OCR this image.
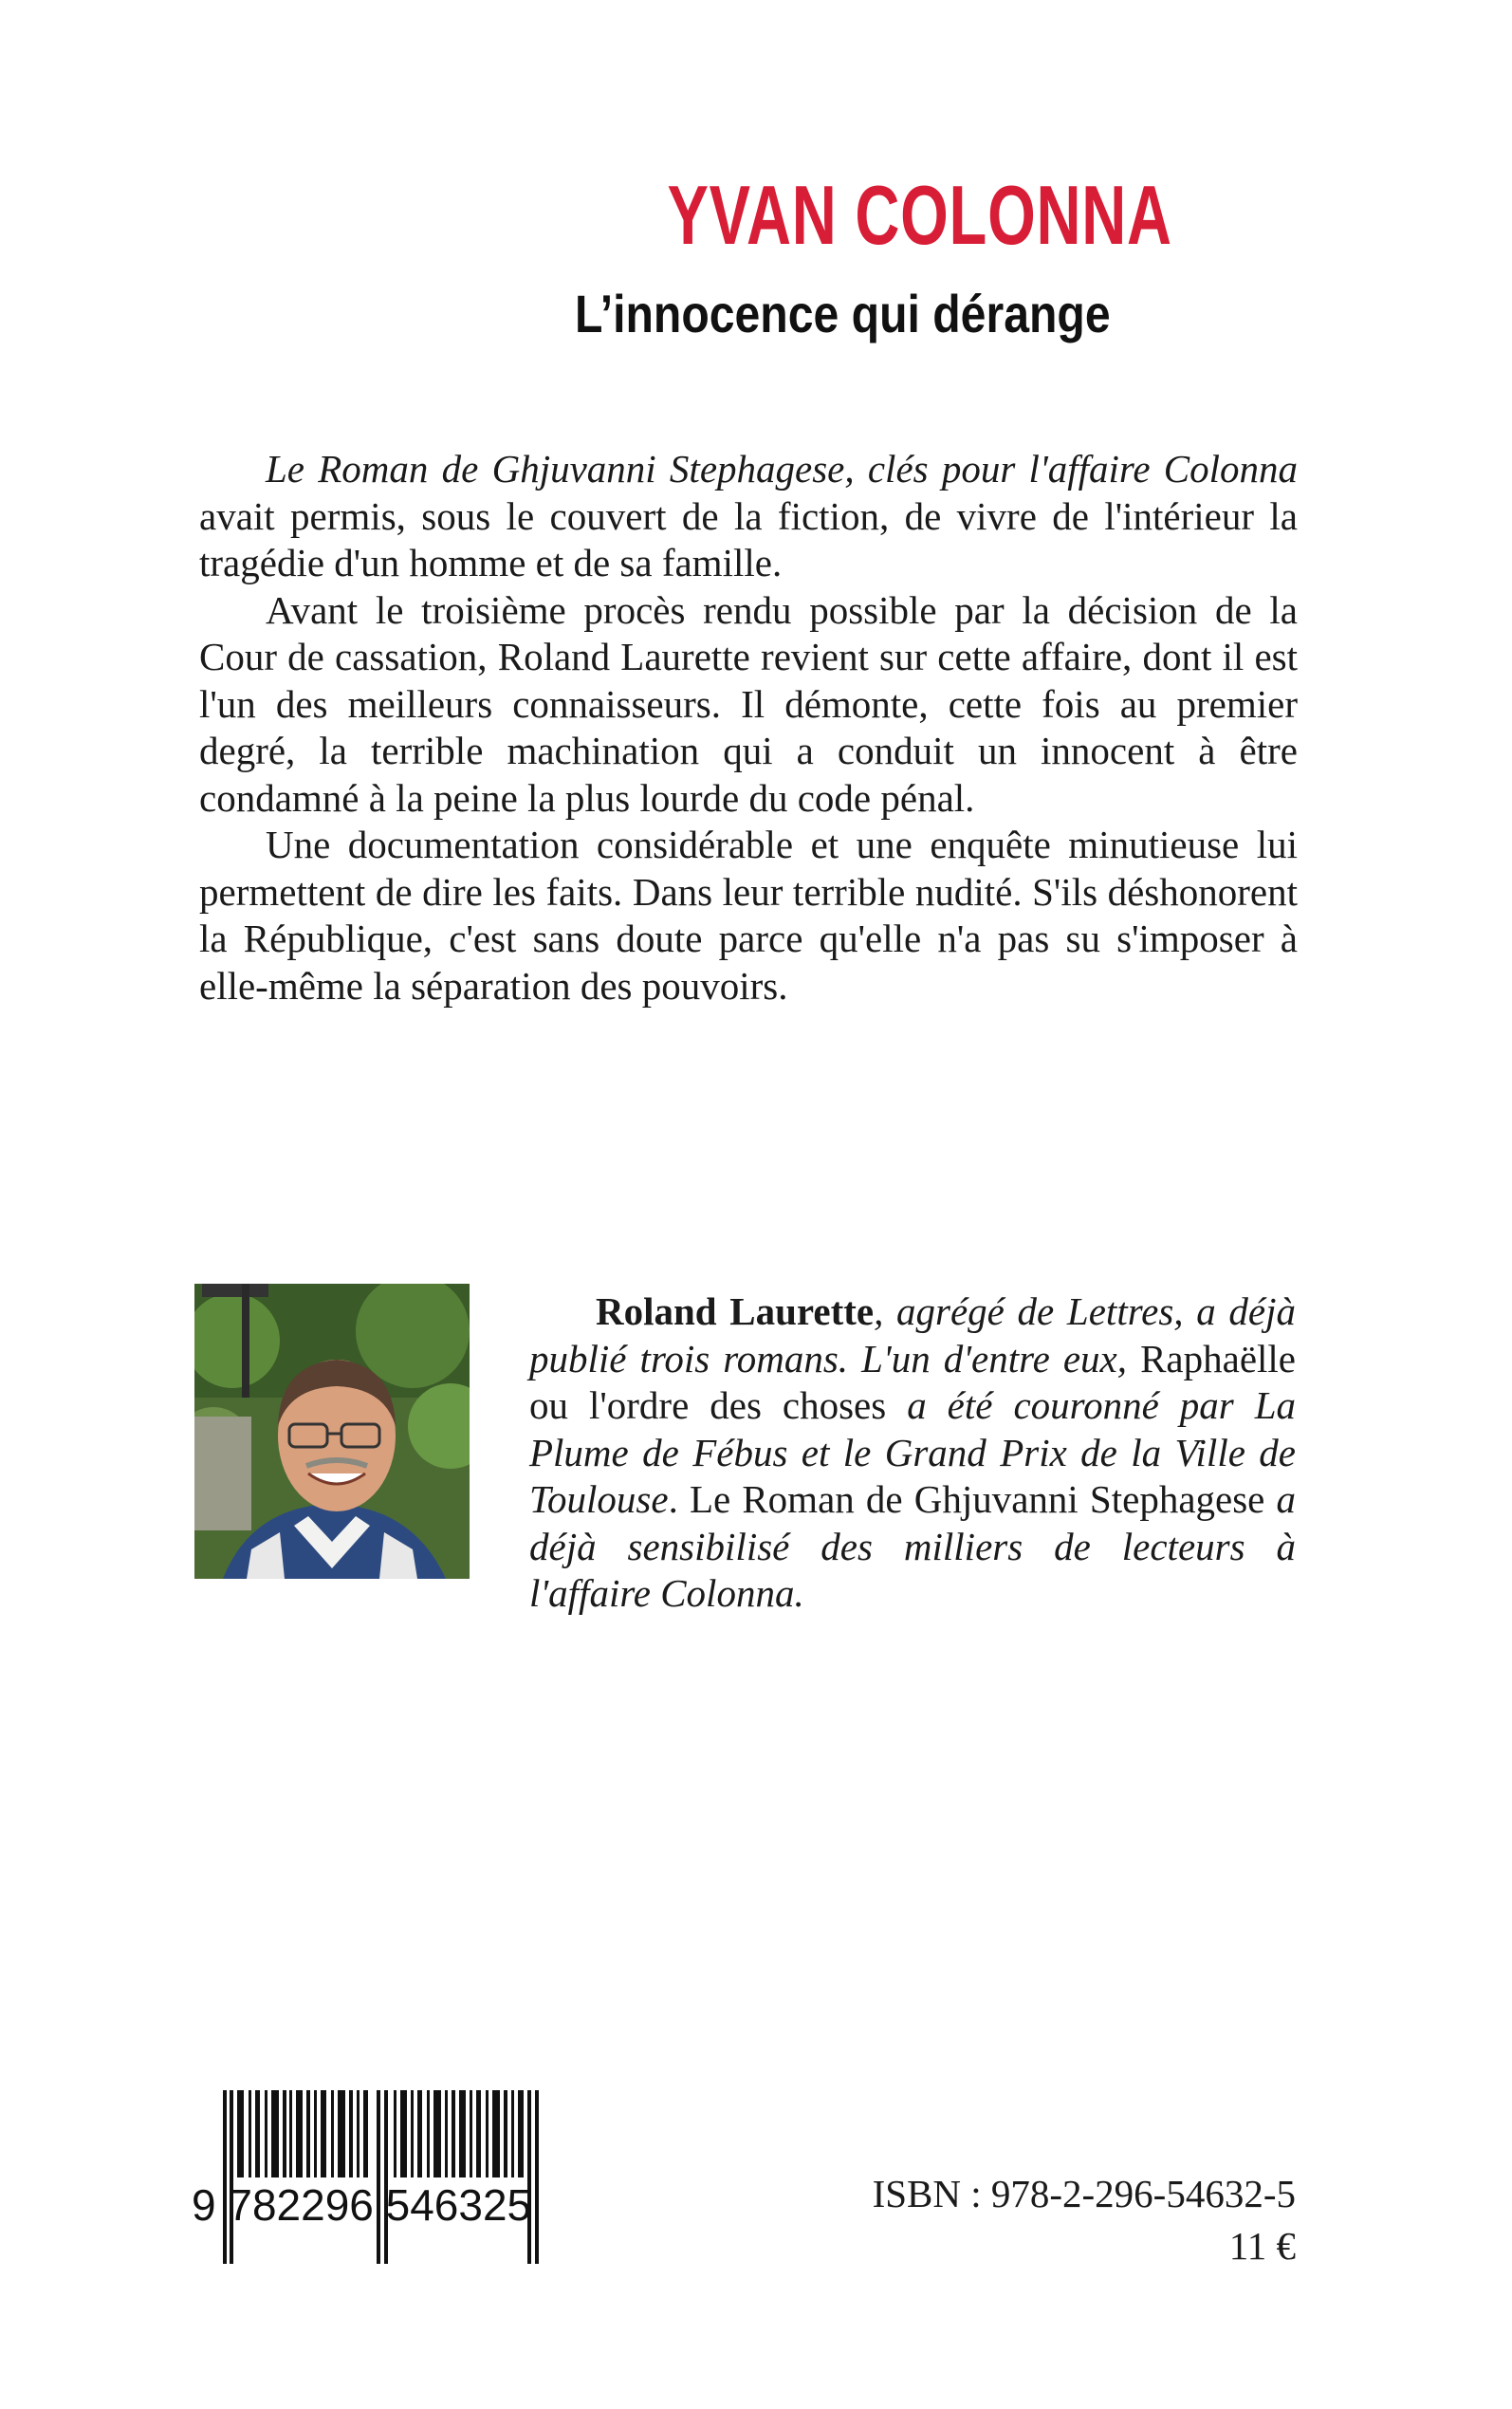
YVAN COLONNA
L’innocence qui dérange

Le Roman de Ghjuvanni Stephagese, clés pour l'affaire Colonna avait permis, sous le couvert de la fiction, de vivre de l'intérieur la tragédie d'un homme et de sa famille.

Avant le troisième procès rendu possible par la décision de la Cour de cassation, Roland Laurette revient sur cette affaire, dont il est l'un des meilleurs connaisseurs. Il démonte, cette fois au premier degré, la terrible machination qui a conduit un innocent à être condamné à la peine la plus lourde du code pénal.

Une documentation considérable et une enquête minutieuse lui permettent de dire les faits. Dans leur terrible nudité. S'ils déshonorent la République, c'est sans doute parce qu'elle n'a pas su s'imposer à elle-même la séparation des pouvoirs.

Roland Laurette, agrégé de Lettres, a déjà publié trois romans. L'un d'entre eux, Raphaëlle ou l'ordre des choses a été couronné par La Plume de Fébus et le Grand Prix de la Ville de Toulouse. Le Roman de Ghjuvanni Stephagese a déjà sensibilisé des milliers de lecteurs à l'affaire Colonna.

9 782296 546325	ISBN : 978-2-296-54632-5

11 €
